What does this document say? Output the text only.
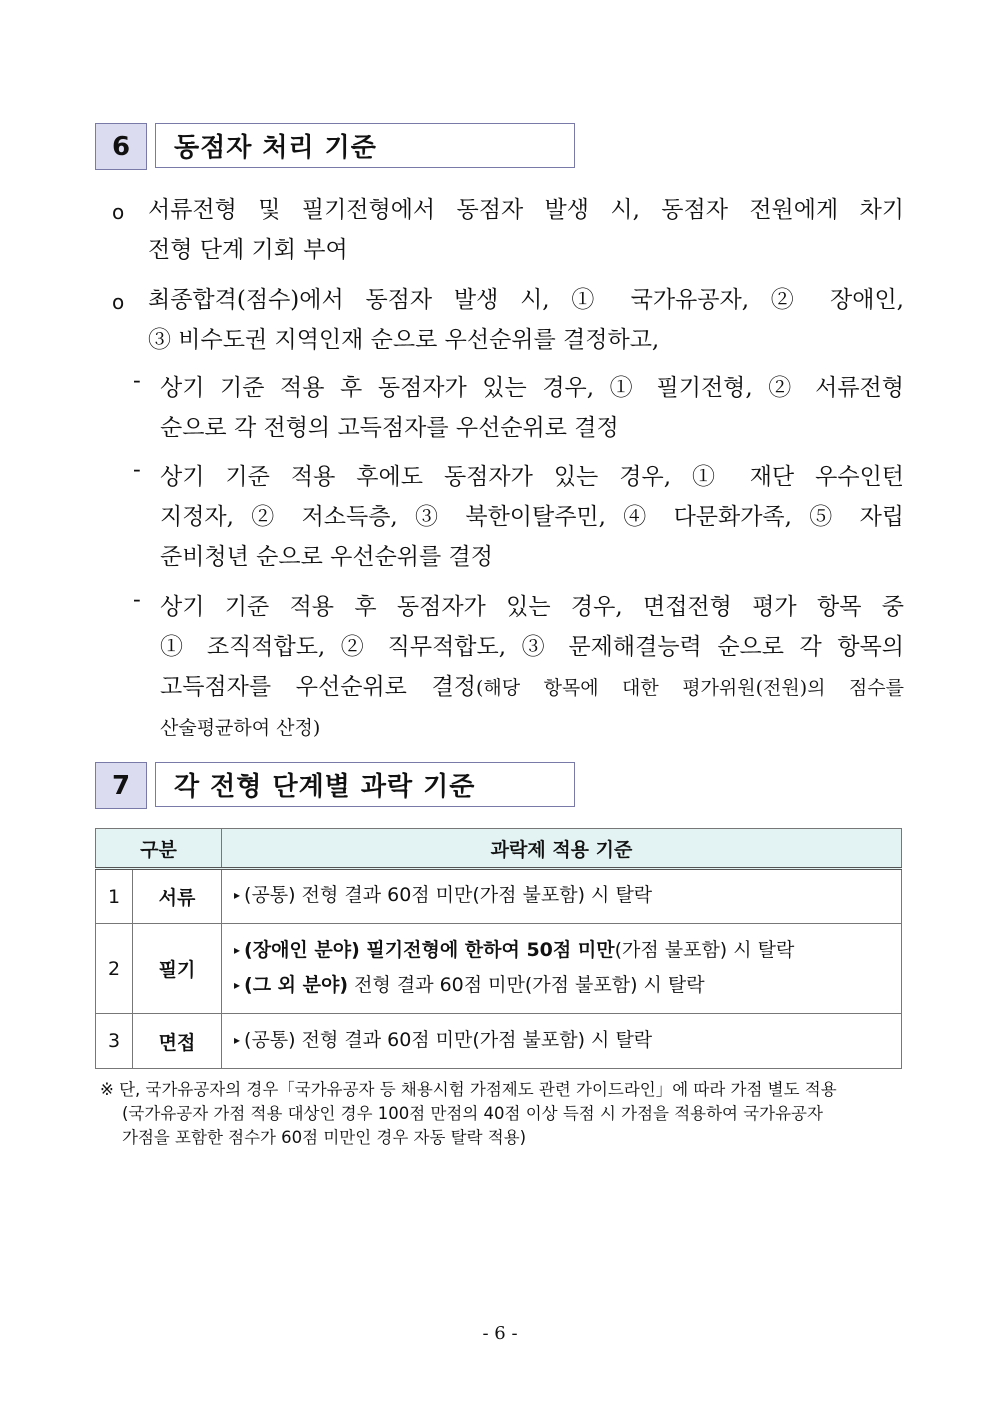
6	동점자 처리 기준
o 서류전형 및 필기전형에서 동점자 발생 시, 동점자 전원에게 차기
전형 단계 기회 부여
o 최종합격(점수)에서 동점자 발생 시, ① 국가유공자, ② 장애인,
③ 비수도권 지역인재 순으로 우선순위를 결정하고,
- 상기 기준 적용 후 동점자가 있는 경우, ① 필기전형, ② 서류전형
순으로 각 전형의 고득점자를 우선순위로 결정
- 상기 기준 적용 후에도 동점자가 있는 경우, ① 재단 우수인턴
지정자, ② 저소득층, ③ 북한이탈주민, ④ 다문화가족, ⑤ 자립
준비청년 순으로 우선순위를 결정
- 상기 기준 적용 후 동점자가 있는 경우, 면접전형 평가 항목 중
① 조직적합도, ② 직무적합도, ③ 문제해결능력 순으로 각 항목의
고득점자를 우선순위로 결정(해당 항목에 대한 평가위원(전원)의 점수를
산술평균하여 산정)
7	각 전형 단계별 과락 기준
구분		과락제 적용 기준
1	서류	▸ (공통) 전형 결과 60점 미만(가점 불포함) 시 탈락
2	필기	▸ (장애인 분야) 필기전형에 한하여 50점 미만(가점 불포함) 시 탈락
▸ (그 외 분야) 전형 결과 60점 미만(가점 불포함) 시 탈락

3	면접	▸ (공통) 전형 결과 60점 미만(가점 불포함) 시 탈락
※ 단, 국가유공자의 경우「국가유공자 등 채용시험 가점제도 관련 가이드라인」에 따라 가점 별도 적용
(국가유공자 가점 적용 대상인 경우 100점 만점의 40점 이상 득점 시 가점을 적용하여 국가유공자
가점을 포함한 점수가 60점 미만인 경우 자동 탈락 적용)
- 6 -
